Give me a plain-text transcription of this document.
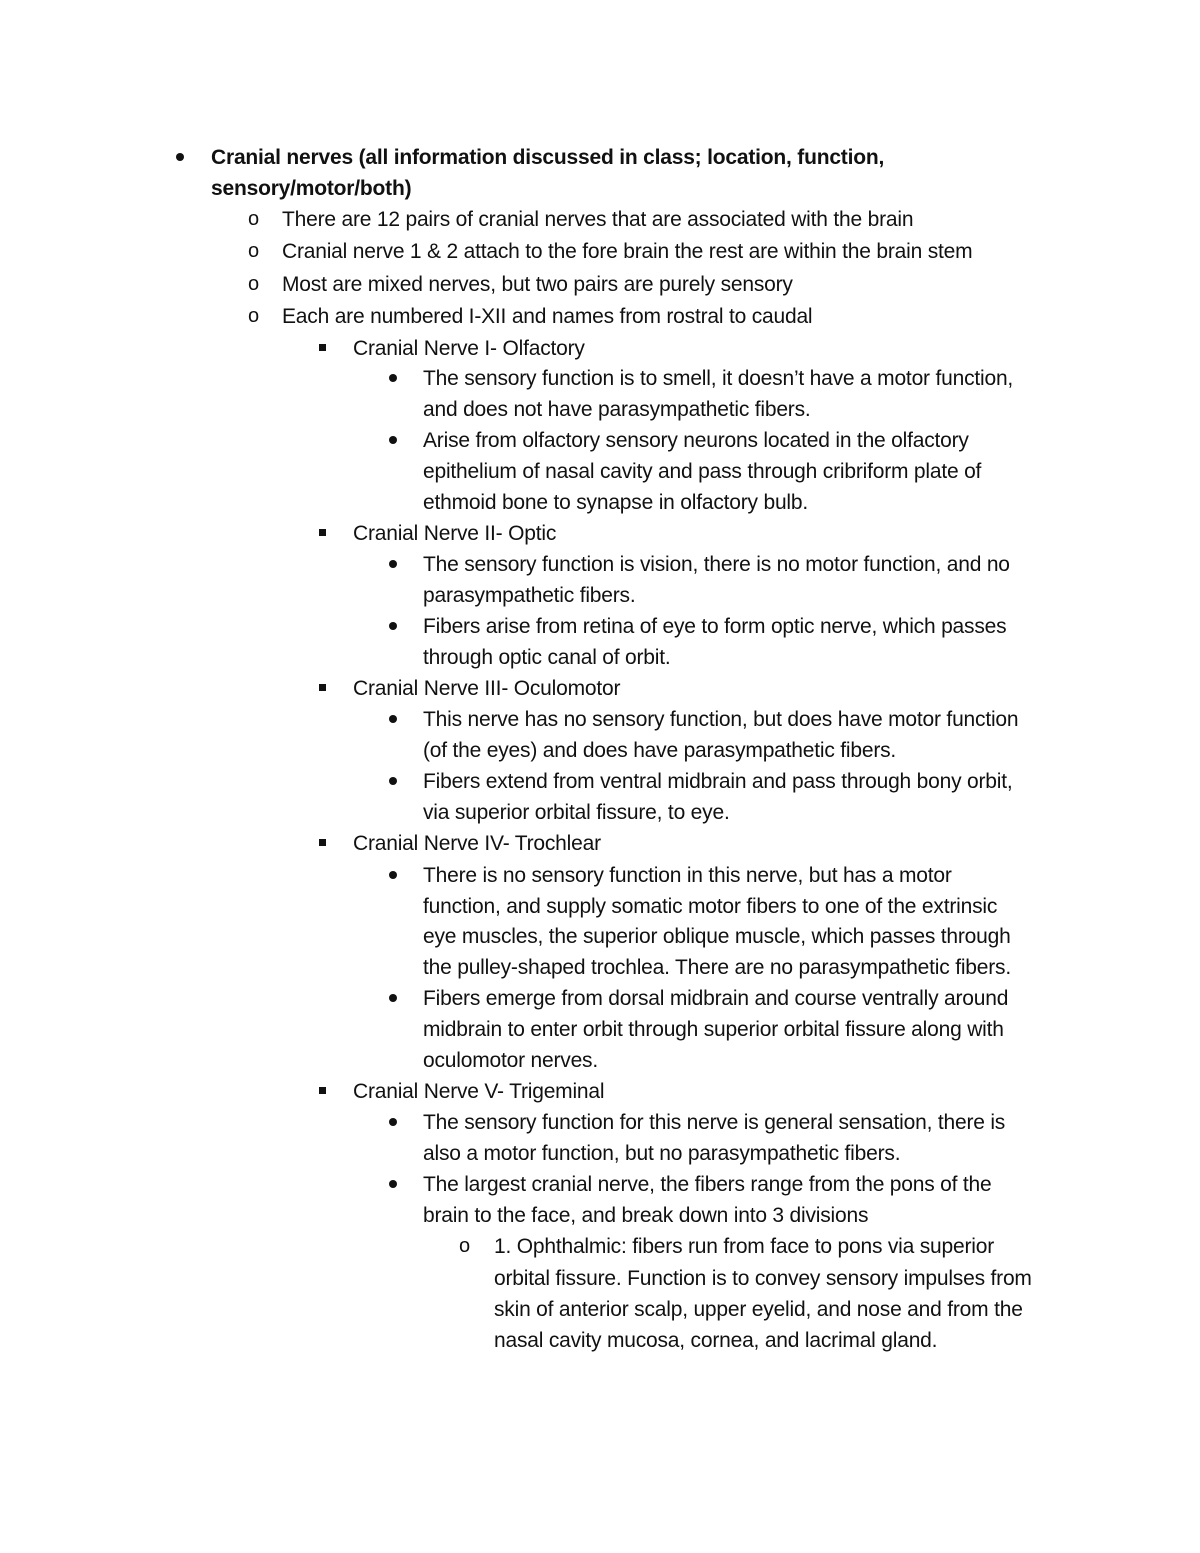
Cranial nerves (all information discussed in class; location, function,
sensory/motor/both)
o There are 12 pairs of cranial nerves that are associated with the brain
o Cranial nerve 1 & 2 attach to the fore brain the rest are within the brain stem
o Most are mixed nerves, but two pairs are purely sensory
o Each are numbered I-XII and names from rostral to caudal
Cranial Nerve I- Olfactory
The sensory function is to smell, it doesn’t have a motor function,
and does not have parasympathetic fibers.
Arise from olfactory sensory neurons located in the olfactory
epithelium of nasal cavity and pass through cribriform plate of
ethmoid bone to synapse in olfactory bulb.
Cranial Nerve II- Optic
The sensory function is vision, there is no motor function, and no
parasympathetic fibers.
Fibers arise from retina of eye to form optic nerve, which passes
through optic canal of orbit.
Cranial Nerve III- Oculomotor
This nerve has no sensory function, but does have motor function
(of the eyes) and does have parasympathetic fibers.
Fibers extend from ventral midbrain and pass through bony orbit,
via superior orbital fissure, to eye.
Cranial Nerve IV- Trochlear
There is no sensory function in this nerve, but has a motor
function, and supply somatic motor fibers to one of the extrinsic
eye muscles, the superior oblique muscle, which passes through
the pulley-shaped trochlea. There are no parasympathetic fibers.
Fibers emerge from dorsal midbrain and course ventrally around
midbrain to enter orbit through superior orbital fissure along with
oculomotor nerves.
Cranial Nerve V- Trigeminal
The sensory function for this nerve is general sensation, there is
also a motor function, but no parasympathetic fibers.
The largest cranial nerve, the fibers range from the pons of the
brain to the face, and break down into 3 divisions
o 1. Ophthalmic: fibers run from face to pons via superior
orbital fissure. Function is to convey sensory impulses from
skin of anterior scalp, upper eyelid, and nose and from the
nasal cavity mucosa, cornea, and lacrimal gland.
